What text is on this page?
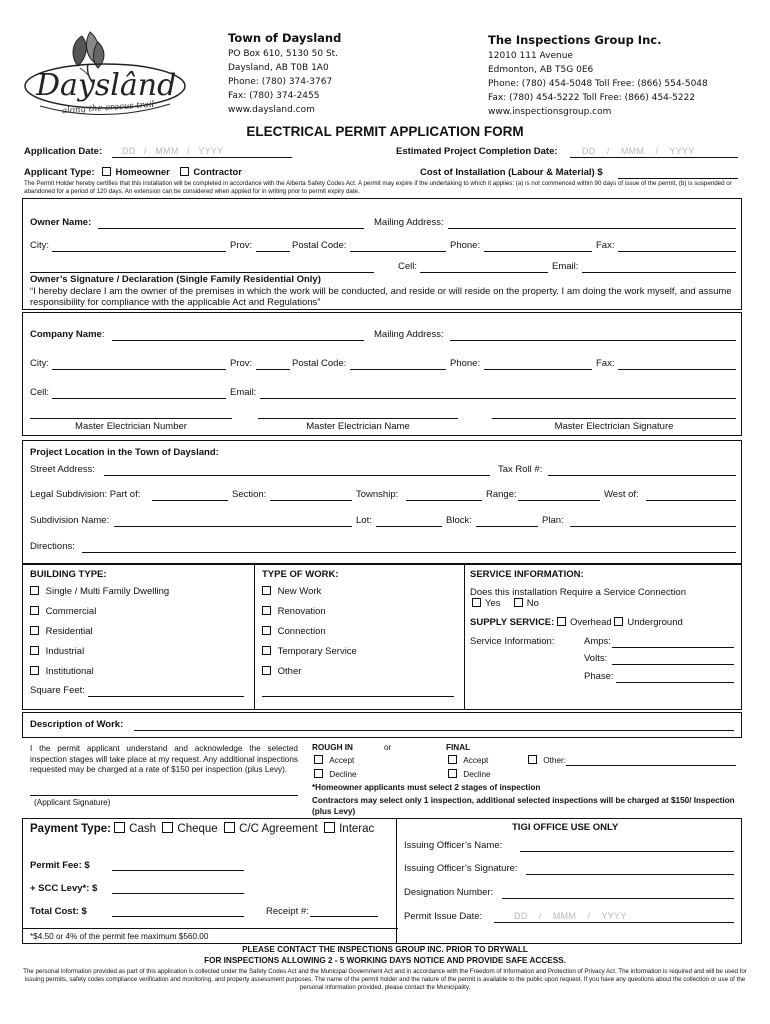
Dayslând
along the crocus trail
Town of Daysland
PO Box 610, 5130 50 St.
Daysland, AB T0B 1A0
Phone: (780) 374-3767
Fax: (780) 374-2455
www.daysland.com
The Inspections Group Inc.
12010 111 Avenue
Edmonton, AB T5G 0E6
Phone: (780) 454-5048 Toll Free: (866) 554-5048
Fax: (780) 454-5222 Toll Free: (866) 454-5222
www.inspectionsgroup.com
ELECTRICAL PERMIT APPLICATION FORM
Application Date: DD / MMM / YYYY	Estimated Project Completion Date:	DD / MMM / YYYY
Applicant Type: Homeowner Contractor	Cost of Installation (Labour & Material) $
The Permit Holder hereby certifies that this installation will be completed in accordance with the Alberta Safety Codes Act. A permit may expire if the undertaking to which it applies: (a) is not commenced within 90 days of issue of the permit, (b) is suspended or abandoned for a period of 120 days. An extension can be considered when applied for in writing prior to permit expiry date.
Owner Name:	Mailing Address:
City:	Prov:	Postal Code:	Phone:	Fax:
Cell:	Email:
Owner’s Signature / Declaration (Single Family Residential Only)
“I hereby declare I am the owner of the premises in which the work will be conducted, and reside or will reside on the property. I am doing the work myself, and assume responsibility for compliance with the applicable Act and Regulations”
Company Name:	Mailing Address:
City:	Prov:	Postal Code:	Phone:	Fax:
Cell:	Email:
Master Electrician Number	Master Electrician Name	Master Electrician Signature
Project Location in the Town of Daysland:
Street Address:	Tax Roll #:
Legal Subdivision: Part of:	Section:	Township:	Range:	West of:
Subdivision Name:	Lot:	Block:	Plan:
Directions:
BUILDING TYPE:
Single / Multi Family Dwelling
Commercial
Residential
Industrial
Institutional
Square Feet:
TYPE OF WORK:
New Work
Renovation
Connection
Temporary Service
Other
SERVICE INFORMATION:
Does this installation Require a Service Connection
Yes	No
SUPPLY SERVICE: Overhead Underground
Service Information:	Amps:
Volts:
Phase:
Description of Work:
I the permit applicant understand and acknowledge the selected inspection stages will take place at my request. Any additional inspections requested may be charged at a rate of $150 per inspection (plus Levy).
(Applicant Signature)
ROUGH IN	or	FINAL
Accept
Decline
Accept
Decline
Other:
*Homeowner applicants must select 2 stages of inspection
Contractors may select only 1 inspection, additional selected inspections will be charged at $150/ Inspection (plus Levy)
Payment Type: Cash Cheque C/C Agreement Interac
Permit Fee: $
+ SCC Levy*: $
Total Cost: $	Receipt #:
*$4.50 or 4% of the permit fee maximum $560.00
TIGI OFFICE USE ONLY
Issuing Officer’s Name:
Issuing Officer’s Signature:
Designation Number:
Permit Issue Date:	DD / MMM / YYYY
PLEASE CONTACT THE INSPECTIONS GROUP INC. PRIOR TO DRYWALL
FOR INSPECTIONS ALLOWING 2 - 5 WORKING DAYS NOTICE AND PROVIDE SAFE ACCESS.
The personal information provided as part of this application is collected under the Safety Codes Act and the Municipal Government Act and in accordance with the Freedom of Information and Protection of Privacy Act. The information is required and will be used for issuing permits, safety codes compliance verification and monitoring, and property assessment purposes. The name of the permit holder and the nature of the permit is available to the public upon request. If you have any questions about the collection or use of the personal information provided, please contact the Municipality.
